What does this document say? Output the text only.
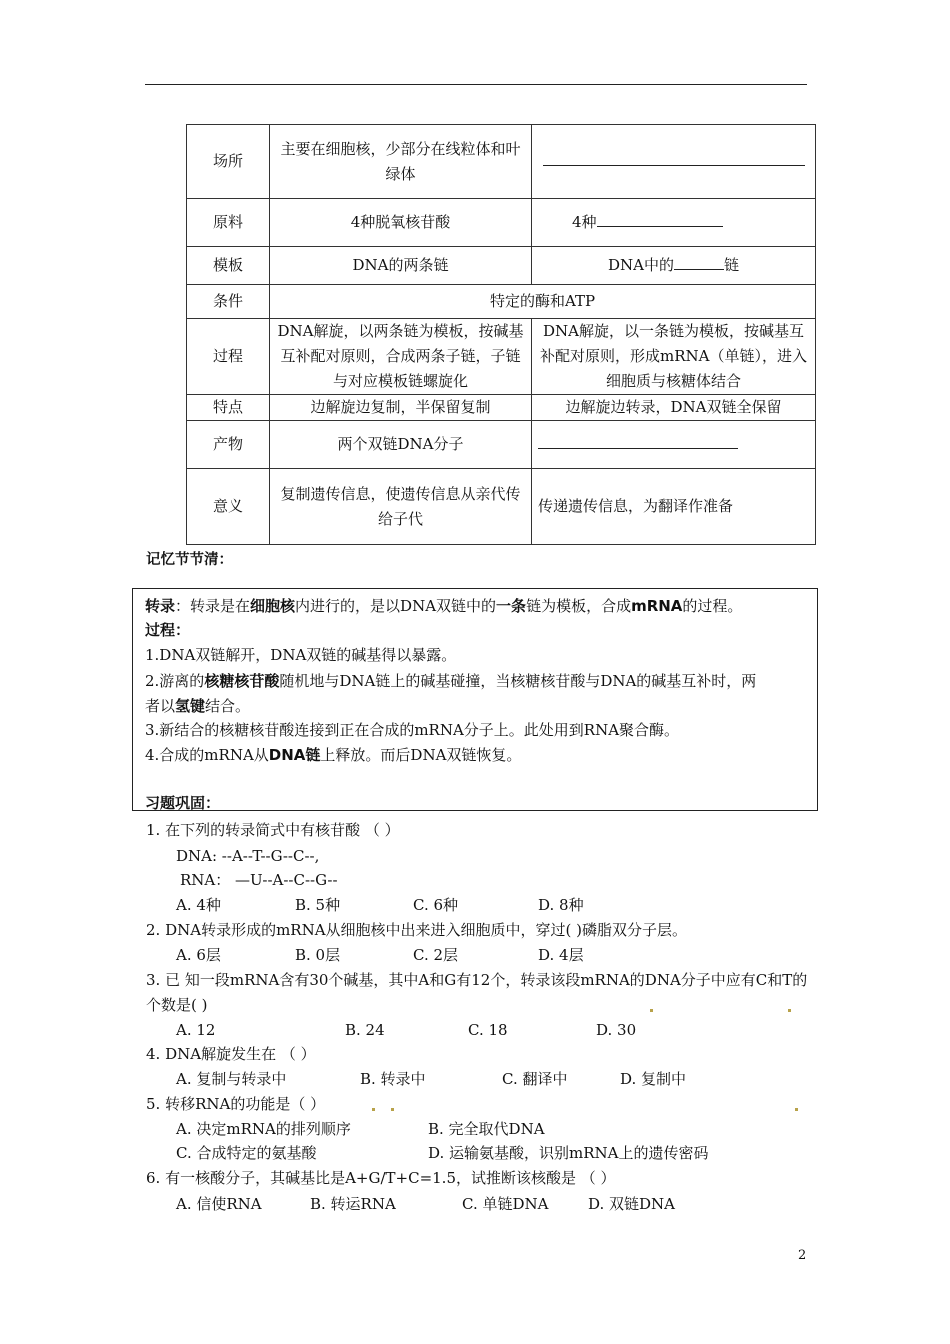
场所	主要在细胞核，少部分在线粒体和叶绿体	
原料	4种脱氧核苷酸	4种
模板	DNA的两条链	DNA中的 链
条件	特定的酶和ATP	
过程	DNA解旋，以两条链为模板，按碱基互补配对原则，合成两条子链，子链与对应模板链螺旋化	DNA解旋，以一条链为模板，按碱基互补配对原则，形成mRNA（单链），进入细胞质与核糖体结合
特点	边解旋边复制，半保留复制	边解旋边转录，DNA双链全保留
产物	两个双链DNA分子	
意义	复制遗传信息，使遗传信息从亲代传给子代	传递遗传信息，为翻译作准备
记忆节节清：
转录：转录是在细胞核内进行的，是以DNA双链中的一条链为模板，合成mRNA的过程。
过程：
1.DNA双链解开，DNA双链的碱基得以暴露。
2.游离的核糖核苷酸随机地与DNA链上的碱基碰撞，当核糖核苷酸与DNA的碱基互补时，两
者以氢键结合。
3.新结合的核糖核苷酸连接到正在合成的mRNA分子上。此处用到RNA聚合酶。
4.合成的mRNA从DNA链上释放。而后DNA双链恢复。
习题巩固：
1. 在下列的转录简式中有核苷酸 （ ）
DNA: --A--T--G--C--,
RNA： —U--A--C--G--
A. 4种	B. 5种	C. 6种	D. 8种
2. DNA转录形成的mRNA从细胞核中出来进入细胞质中，穿过( )磷脂双分子层。
A. 6层	B. 0层	C. 2层	D. 4层
3. 已 知一段mRNA含有30个碱基，其中A和G有12个，转录该段mRNA的DNA分子中应有C和T的
个数是( )
A. 12	B. 24	C. 18	D. 30
4. DNA解旋发生在 （ ）
A. 复制与转录中	B. 转录中	C. 翻译中	D. 复制中
5. 转移RNA的功能是（ ）
A. 决定mRNA的排列顺序	B. 完全取代DNA
C. 合成特定的氨基酸	D. 运输氨基酸，识别mRNA上的遗传密码
6. 有一核酸分子，其碱基比是A+G/T+C=1.5，试推断该核酸是 （ ）
A. 信使RNA	B. 转运RNA	C. 单链DNA	D. 双链DNA
2
